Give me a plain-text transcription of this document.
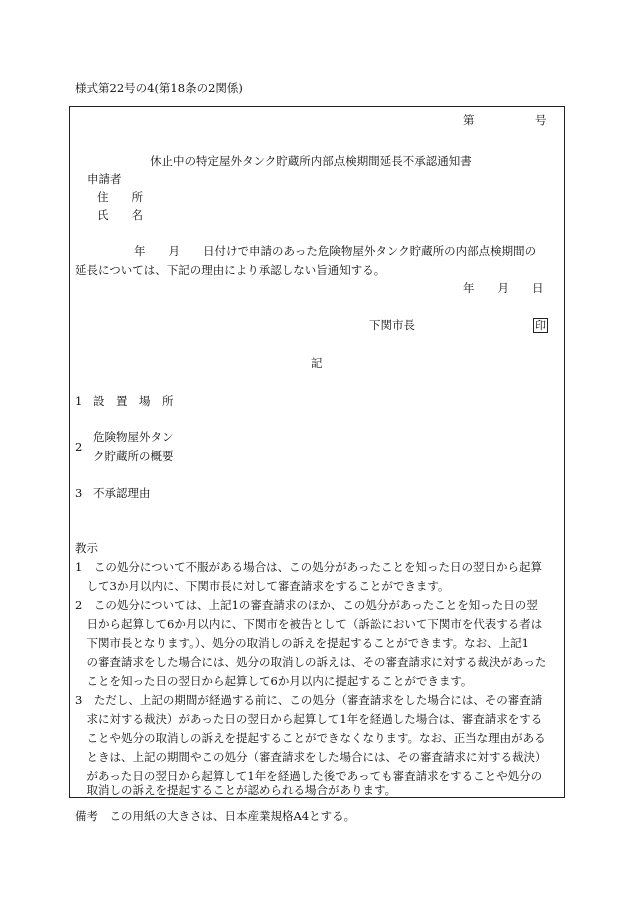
様式第22号の4(第18条の2関係)
第	号
休止中の特定屋外タンク貯蔵所内部点検期間延長不承認通知書
申請者
住　　所
氏　　名
年　　月　　日付けで申請のあった危険物屋外タンク貯蔵所の内部点検期間の
延長については、下記の理由により承認しない旨通知する。
年　　月　　日
下関市長	印
記
1 設　置　場　所
2
危険物屋外タン
ク貯蔵所の概要
3 不承認理由
教示
1　この処分について不服がある場合は、この処分があったことを知った日の翌日から起算
　して3か月以内に、下関市長に対して審査請求をすることができます。
2　この処分については、上記1の審査請求のほか、この処分があったことを知った日の翌
　日から起算して6か月以内に、下関市を被告として（訴訟において下関市を代表する者は
　下関市長となります。）、処分の取消しの訴えを提起することができます。なお、上記1
　の審査請求をした場合には、処分の取消しの訴えは、その審査請求に対する裁決があった
　ことを知った日の翌日から起算して6か月以内に提起することができます。
3　ただし、上記の期間が経過する前に、この処分（審査請求をした場合には、その審査請
　求に対する裁決）があった日の翌日から起算して1年を経過した場合は、審査請求をする
　ことや処分の取消しの訴えを提起することができなくなります。なお、正当な理由がある
　ときは、上記の期間やこの処分（審査請求をした場合には、その審査請求に対する裁決）
　があった日の翌日から起算して1年を経過した後であっても審査請求をすることや処分の
　取消しの訴えを提起することが認められる場合があります。
備考　この用紙の大きさは、日本産業規格A4とする。
